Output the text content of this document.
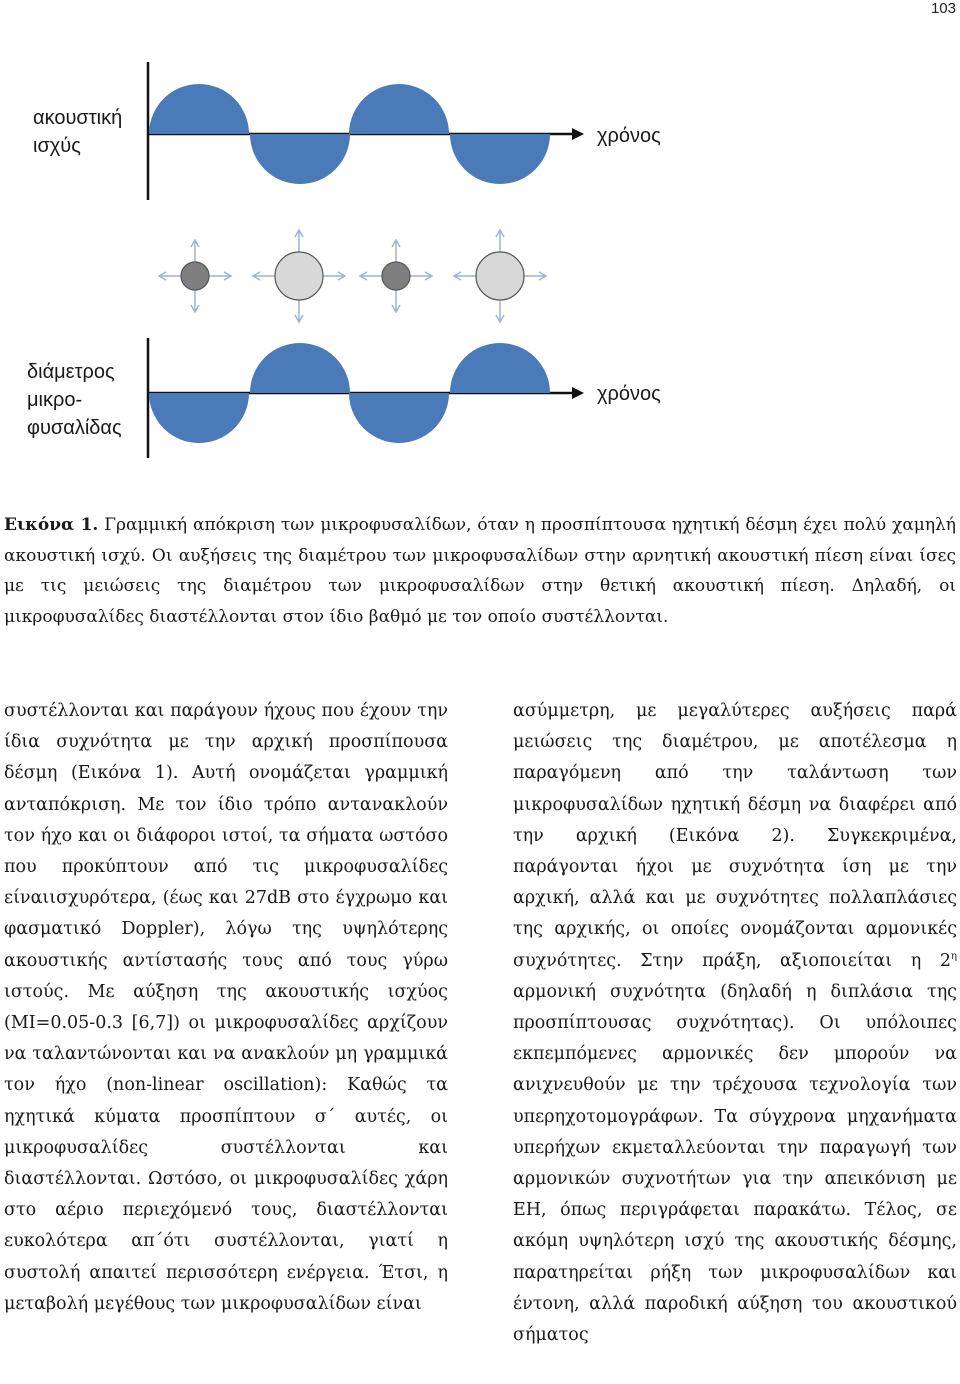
103
ακουστική
ισχύς	χρόνος
διάμετρος
μικρο-
φυσαλίδας
χρόνος
Εικόνα 1. Γραμμική απόκριση των μικροφυσαλίδων, όταν η προσπίπτουσα ηχητική δέσμη έχει πολύ χαμηλή ακουστική ισχύ. Οι αυξήσεις της διαμέτρου των μικροφυσαλίδων στην αρνητική ακουστική πίεση είναι ίσες με τις μειώσεις της διαμέτρου των μικροφυσαλίδων στην θετική ακουστική πίεση. Δηλαδή, οι μικροφυσαλίδες διαστέλλονται στον ίδιο βαθμό με τον οποίο συστέλλονται.

συστέλλονται και παράγουν ήχους που έχουν την ίδια συχνότητα με την αρχική προσπίπουσα δέσμη (Εικόνα 1). Αυτή ονομάζεται γραμμική ανταπόκριση. Με τον ίδιο τρόπο αντανακλούν τον ήχο και οι διάφοροι ιστοί, τα σήματα ωστόσο που προκύπτουν από τις μικροφυσαλίδες είναιισχυρότερα, (έως και 27dB στο έγχρωμο και φασματικό Doppler), λόγω της υψηλότερης ακουστικής αντίστασής τους από τους γύρω ιστούς. Με αύξηση της ακουστικής ισχύος (MI=0.05-0.3 [6,7]) οι μικροφυσαλίδες αρχίζουν να ταλαντώνονται και να ανακλούν μη γραμμικά τον ήχο (non-linear oscillation): Καθώς τα ηχητικά κύματα προσπίπτουν σ΄ αυτές, οι μικροφυσαλίδες συστέλλονται και διαστέλλονται. Ωστόσο, οι μικροφυσαλίδες χάρη στο αέριο περιεχόμενό τους, διαστέλλονται ευκολότερα απ΄ότι συστέλλονται, γιατί η συστολή απαιτεί περισσότερη ενέργεια. Έτσι, η μεταβολή μεγέθους των μικροφυσαλίδων είναι

ασύμμετρη, με μεγαλύτερες αυξήσεις παρά μειώσεις της διαμέτρου, με αποτέλεσμα η παραγόμενη από την ταλάντωση των μικροφυσαλίδων ηχητική δέσμη να διαφέρει από την αρχική (Εικόνα 2). Συγκεκριμένα, παράγονται ήχοι με συχνότητα ίση με την αρχική, αλλά και με συχνότητες πολλαπλάσιες της αρχικής, οι οποίες ονομάζονται αρμονικές συχνότητες. Στην πράξη, αξιοποιείται η $2^\eta$ αρμονική συχνότητα (δηλαδή η διπλάσια της προσπίπτουσας συχνότητας). Οι υπόλοιπες εκπεμπόμενες αρμονικές δεν μπορούν να ανιχνευθούν με την τρέχουσα τεχνολογία των υπερηχοτομογράφων. Τα σύγχρονα μηχανήματα υπερήχων εκμεταλλεύονται την παραγωγή των αρμονικών συχνοτήτων για την απεικόνιση με ΕΗ, όπως περιγράφεται παρακάτω. Τέλος, σε ακόμη υψηλότερη ισχύ της ακουστικής δέσμης, παρατηρείται ρήξη των μικροφυσαλίδων και έντονη, αλλά παροδική αύξηση του ακουστικού σήματος
